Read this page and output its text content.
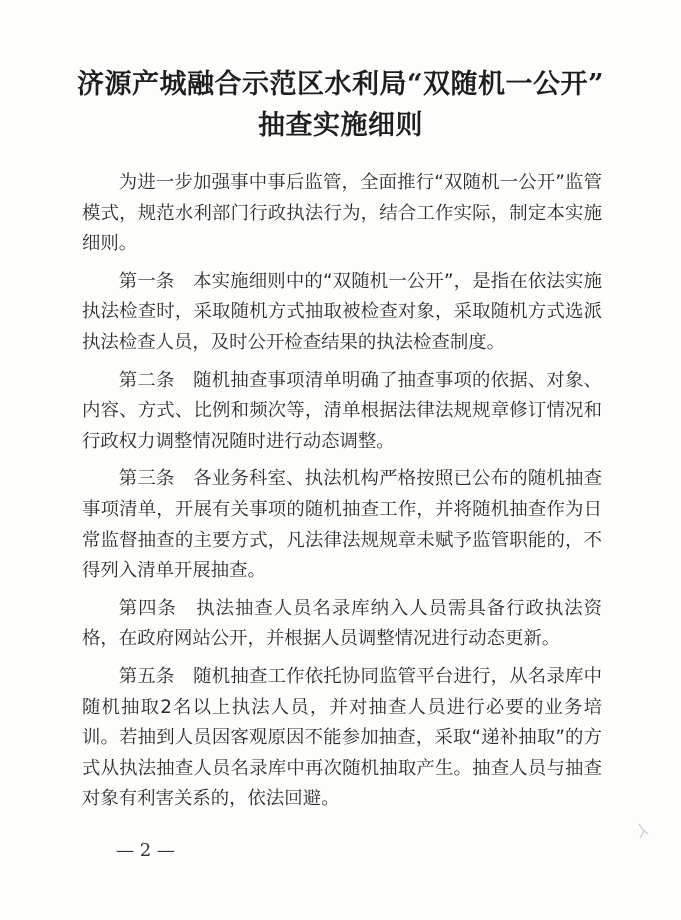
济源产城融合示范区水利局“双随机一公开”
抽查实施细则

为进一步加强事中事后监管，全面推行“双随机一公开”监管模式，规范水利部门行政执法行为，结合工作实际，制定本实施细则。

第一条　 本实施细则中的“双随机一公开”，是指在依法实施执法检查时，采取随机方式抽取被检查对象，采取随机方式选派执法检查人员，及时公开检查结果的执法检查制度。

第二条　 随机抽查事项清单明确了抽查事项的依据、对象、内容、方式、比例和频次等，清单根据法律法规规章修订情况和行政权力调整情况随时进行动态调整。

第三条　 各业务科室、执法机构严格按照已公布的随机抽查事项清单，开展有关事项的随机抽查工作，并将随机抽查作为日常监督抽查的主要方式，凡法律法规规章未赋予监管职能的，不得列入清单开展抽查。

第四条　 执法抽查人员名录库纳入人员需具备行政执法资格，在政府网站公开，并根据人员调整情况进行动态更新。

第五条　 随机抽查工作依托协同监管平台进行，从名录库中随机抽取2名以上执法人员，并对抽查人员进行必要的业务培训。若抽到人员因客观原因不能参加抽查，采取“递补抽取”的方式从执法抽查人员名录库中再次随机抽取产生。抽查人员与抽查对象有利害关系的，依法回避。

— 2 —
